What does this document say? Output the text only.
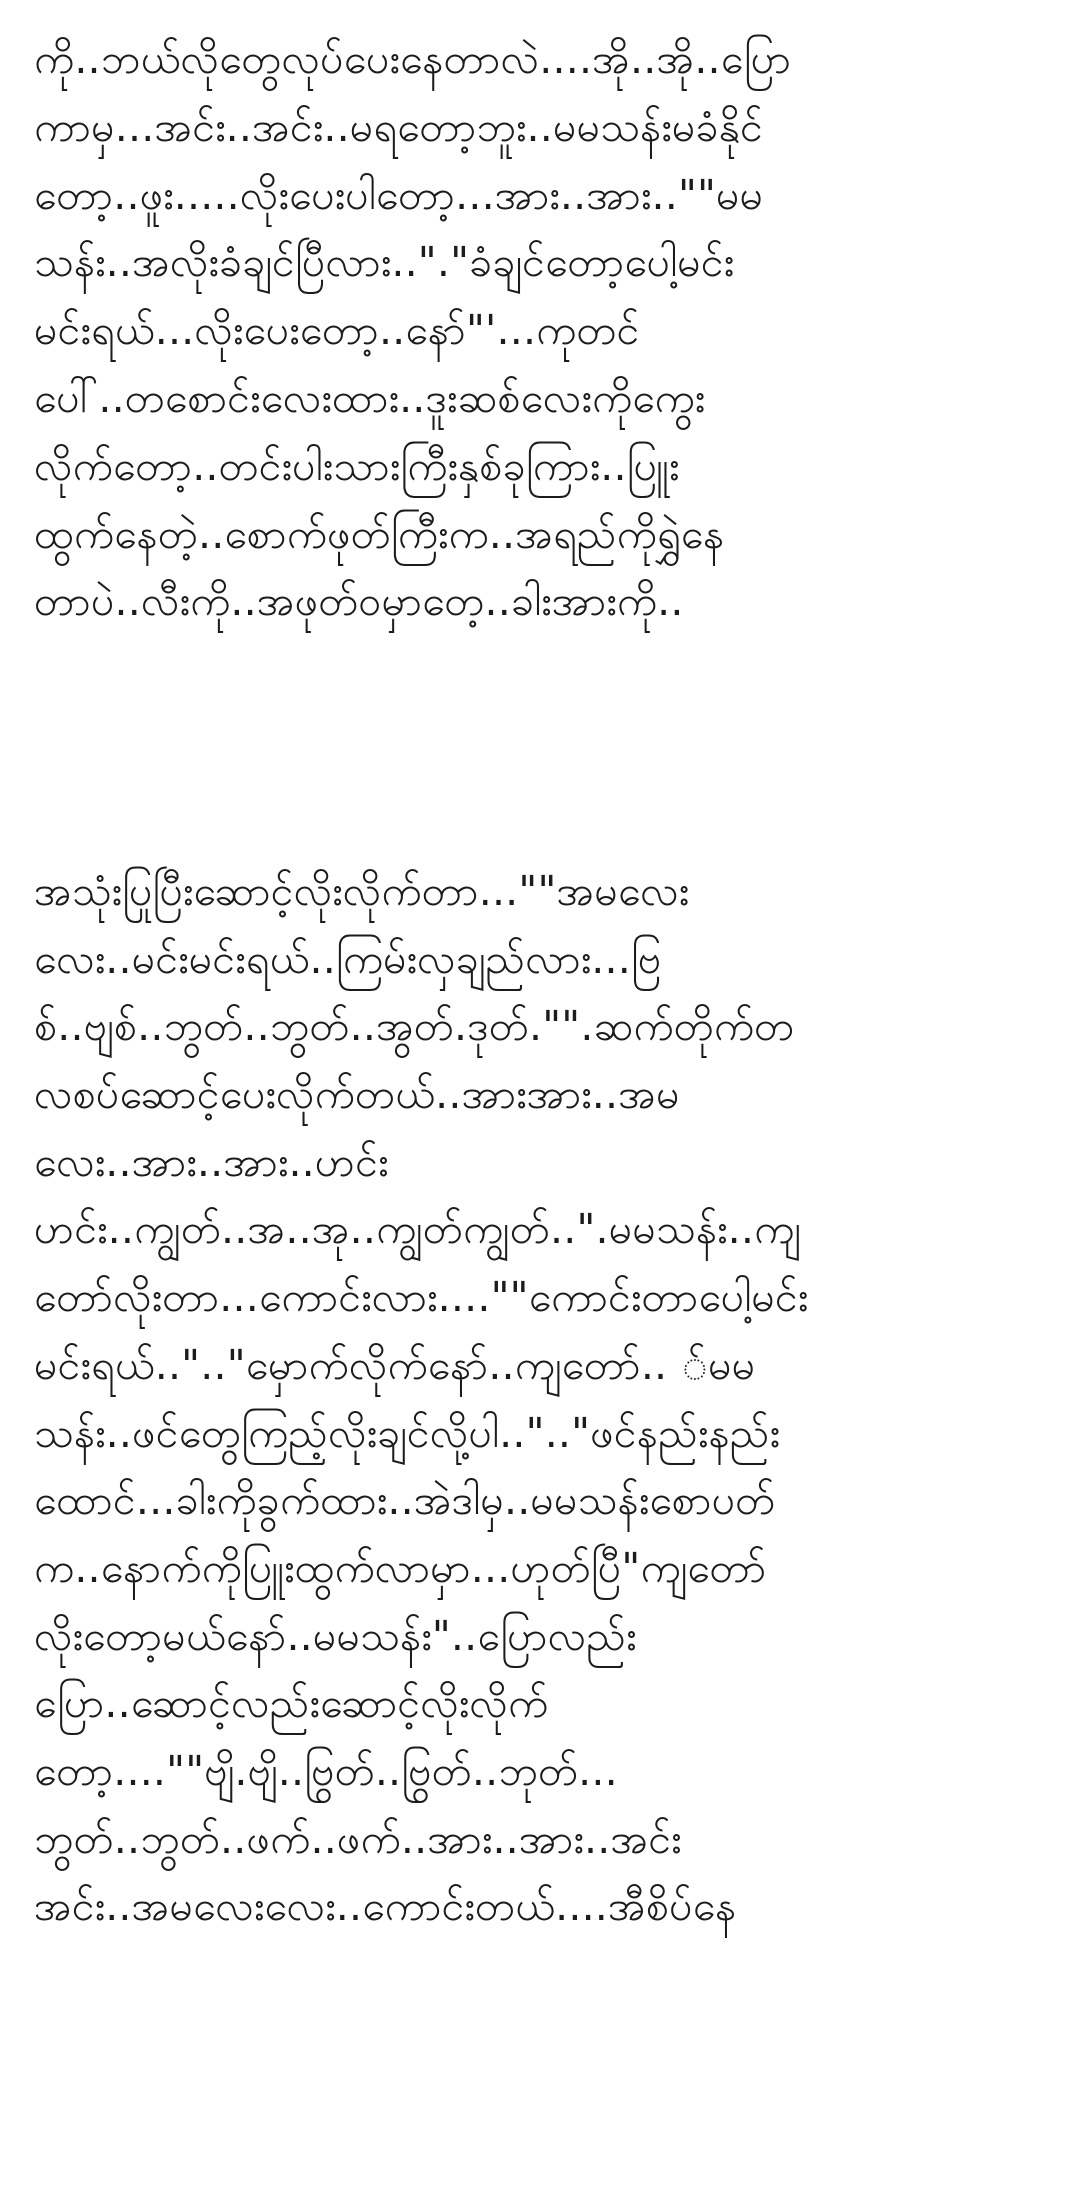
ကို..ဘယ်လိုတွေလုပ်ပေးနေတာလဲ....အို..အို..ပြော
ကာမှ...အင်း..အင်း..မရတော့ဘူး..မမသန်းမခံနိုင်
တော့..ဖူး.....လိုးပေးပါတော့...အား..အား..""မမ
သန်း..အလိုးခံချင်ပြီလား.."."ခံချင်တော့ပေါ့မင်း
မင်းရယ်...လိုးပေးတော့..နော်"'...ကုတင်
ပေါ်..တစောင်းလေးထား..ဒူးဆစ်လေးကိုကွေး
လိုက်တော့..တင်းပါးသားကြီးနှစ်ခုကြား..ပြူး
ထွက်နေတဲ့..စောက်ဖုတ်ကြီးက..အရည်ကိုရွှဲနေ
တာပဲ..လီးကို..အဖုတ်ဝမှာတေ့..ခါးအားကို..
အသုံးပြုပြီးဆောင့်လိုးလိုက်တာ...""အမလေး
လေး..မင်းမင်းရယ်..ကြမ်းလှချည်လား...ဗြ
စ်..ဗျစ်..ဘွတ်..ဘွတ်..အွတ်.ဒုတ်."".ဆက်တိုက်တ
လစပ်ဆောင့်ပေးလိုက်တယ်..အားအား..အမ
လေး..အား..အား..ဟင်း
ဟင်း..ကျွတ်..အ..အု..ကျွတ်ကျွတ်..".မမသန်း..ကျ
တော်လိုးတာ...ကောင်းလား....""ကောင်းတာပေါ့မင်း
မင်းရယ်..".."မှောက်လိုက်နော်..ကျတော်.. ်မမ
သန်း..ဖင်တွေကြည့်လိုးချင်လို့ပါ..".."ဖင်နည်းနည်း
ထောင်...ခါးကိုခွက်ထား..အဲဒါမှ..မမသန်းစောပတ်
က..နောက်ကိုပြူးထွက်လာမှာ...ဟုတ်ပြီ"ကျတော်
လိုးတော့မယ်နော်..မမသန်း"..ပြောလည်း
ပြော..ဆောင့်လည်းဆောင့်လိုးလိုက်
တော့....""ဗျိ.ဗျိ..ဗြွတ်..ဗြွတ်..ဘုတ်...
ဘွတ်..ဘွတ်..ဖက်..ဖက်..အား..အား..အင်း
အင်း..အမလေးလေး..ကောင်းတယ်....အီစိပ်နေ
